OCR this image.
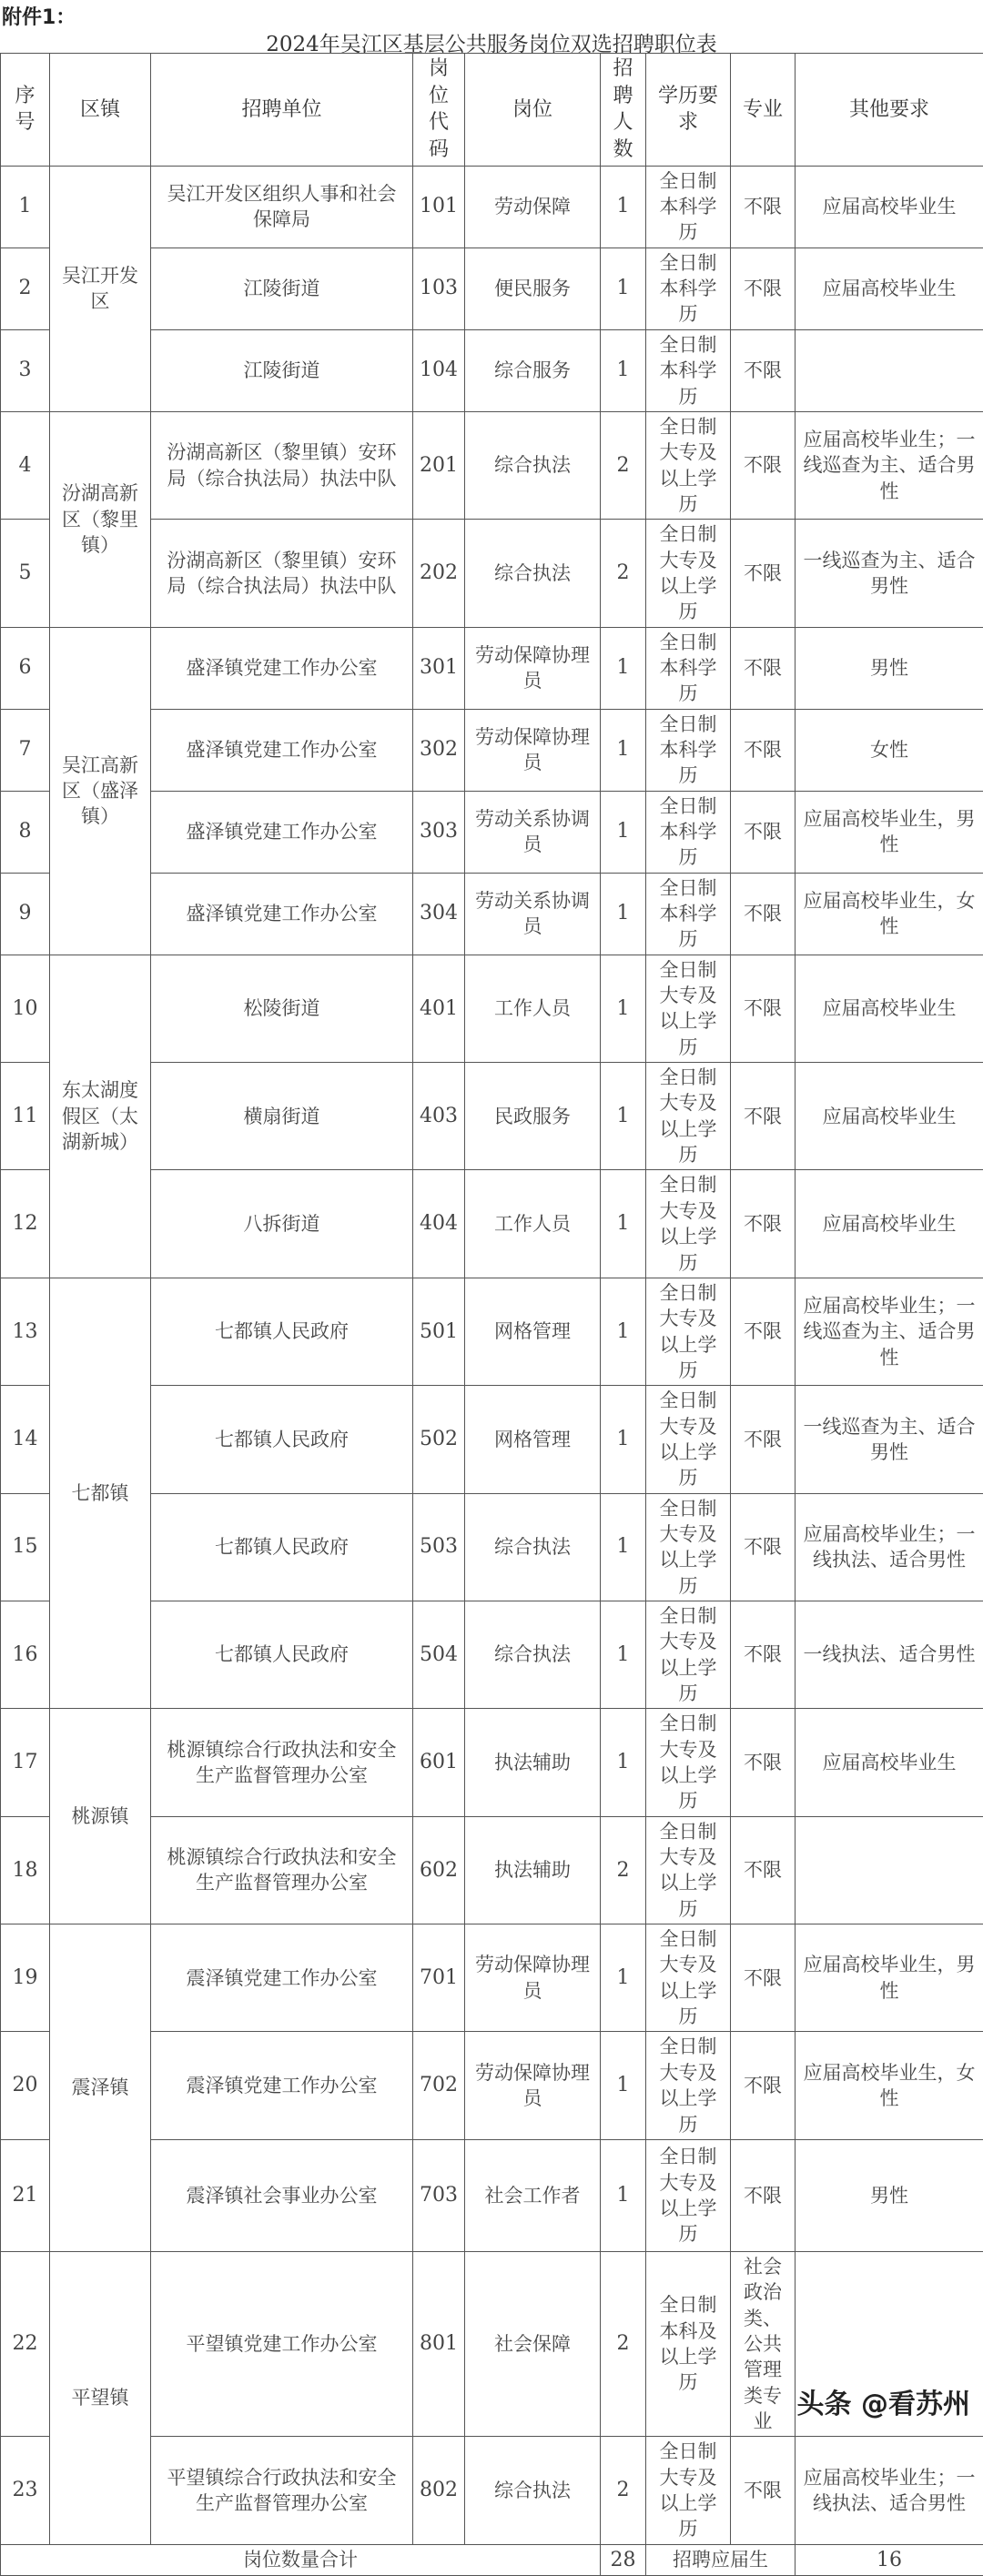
附件1：
2024年吴江区基层公共服务岗位双选招聘职位表
序号	区镇	招聘单位	岗位代码	岗位	招聘人数	学历要求	专业	其他要求
1	吴江开发区	吴江开发区组织人事和社会保障局	101	劳动保障	1	全日制本科学历	不限	应届高校毕业生
2		江陵街道	103	便民服务	1	全日制本科学历	不限	应届高校毕业生
3		江陵街道	104	综合服务	1	全日制本科学历	不限	
4	汾湖高新区（黎里镇）	汾湖高新区（黎里镇）安环局（综合执法局）执法中队	201	综合执法	2	全日制大专及以上学历	不限	应届高校毕业生；一线巡查为主、适合男性
5		汾湖高新区（黎里镇）安环局（综合执法局）执法中队	202	综合执法	2	全日制大专及以上学历	不限	一线巡查为主、适合男性
6	吴江高新区（盛泽镇）	盛泽镇党建工作办公室	301	劳动保障协理员	1	全日制本科学历	不限	男性
7		盛泽镇党建工作办公室	302	劳动保障协理员	1	全日制本科学历	不限	女性
8		盛泽镇党建工作办公室	303	劳动关系协调员	1	全日制本科学历	不限	应届高校毕业生，男性
9		盛泽镇党建工作办公室	304	劳动关系协调员	1	全日制本科学历	不限	应届高校毕业生，女性
10	东太湖度假区（太湖新城）	松陵街道	401	工作人员	1	全日制大专及以上学历	不限	应届高校毕业生
11		横扇街道	403	民政服务	1	全日制大专及以上学历	不限	应届高校毕业生
12		八拆街道	404	工作人员	1	全日制大专及以上学历	不限	应届高校毕业生
13	七都镇	七都镇人民政府	501	网格管理	1	全日制大专及以上学历	不限	应届高校毕业生；一线巡查为主、适合男性
14		七都镇人民政府	502	网格管理	1	全日制大专及以上学历	不限	一线巡查为主、适合男性
15		七都镇人民政府	503	综合执法	1	全日制大专及以上学历	不限	应届高校毕业生；一线执法、适合男性
16		七都镇人民政府	504	综合执法	1	全日制大专及以上学历	不限	一线执法、适合男性
17	桃源镇	桃源镇综合行政执法和安全生产监督管理办公室	601	执法辅助	1	全日制大专及以上学历	不限	应届高校毕业生
18		桃源镇综合行政执法和安全生产监督管理办公室	602	执法辅助	2	全日制大专及以上学历	不限	
19	震泽镇	震泽镇党建工作办公室	701	劳动保障协理员	1	全日制大专及以上学历	不限	应届高校毕业生，男性
20		震泽镇党建工作办公室	702	劳动保障协理员	1	全日制大专及以上学历	不限	应届高校毕业生，女性
21		震泽镇社会事业办公室	703	社会工作者	1	全日制大专及以上学历	不限	男性
22	平望镇	平望镇党建工作办公室	801	社会保障	2	全日制本科及以上学历	社会政治类、公共管理类专业	
23		平望镇综合行政执法和安全生产监督管理办公室	802	综合执法	2	全日制大专及以上学历	不限	应届高校毕业生；一线执法、适合男性
岗位数量合计					28	招聘应届生		16
头条 @看苏州
